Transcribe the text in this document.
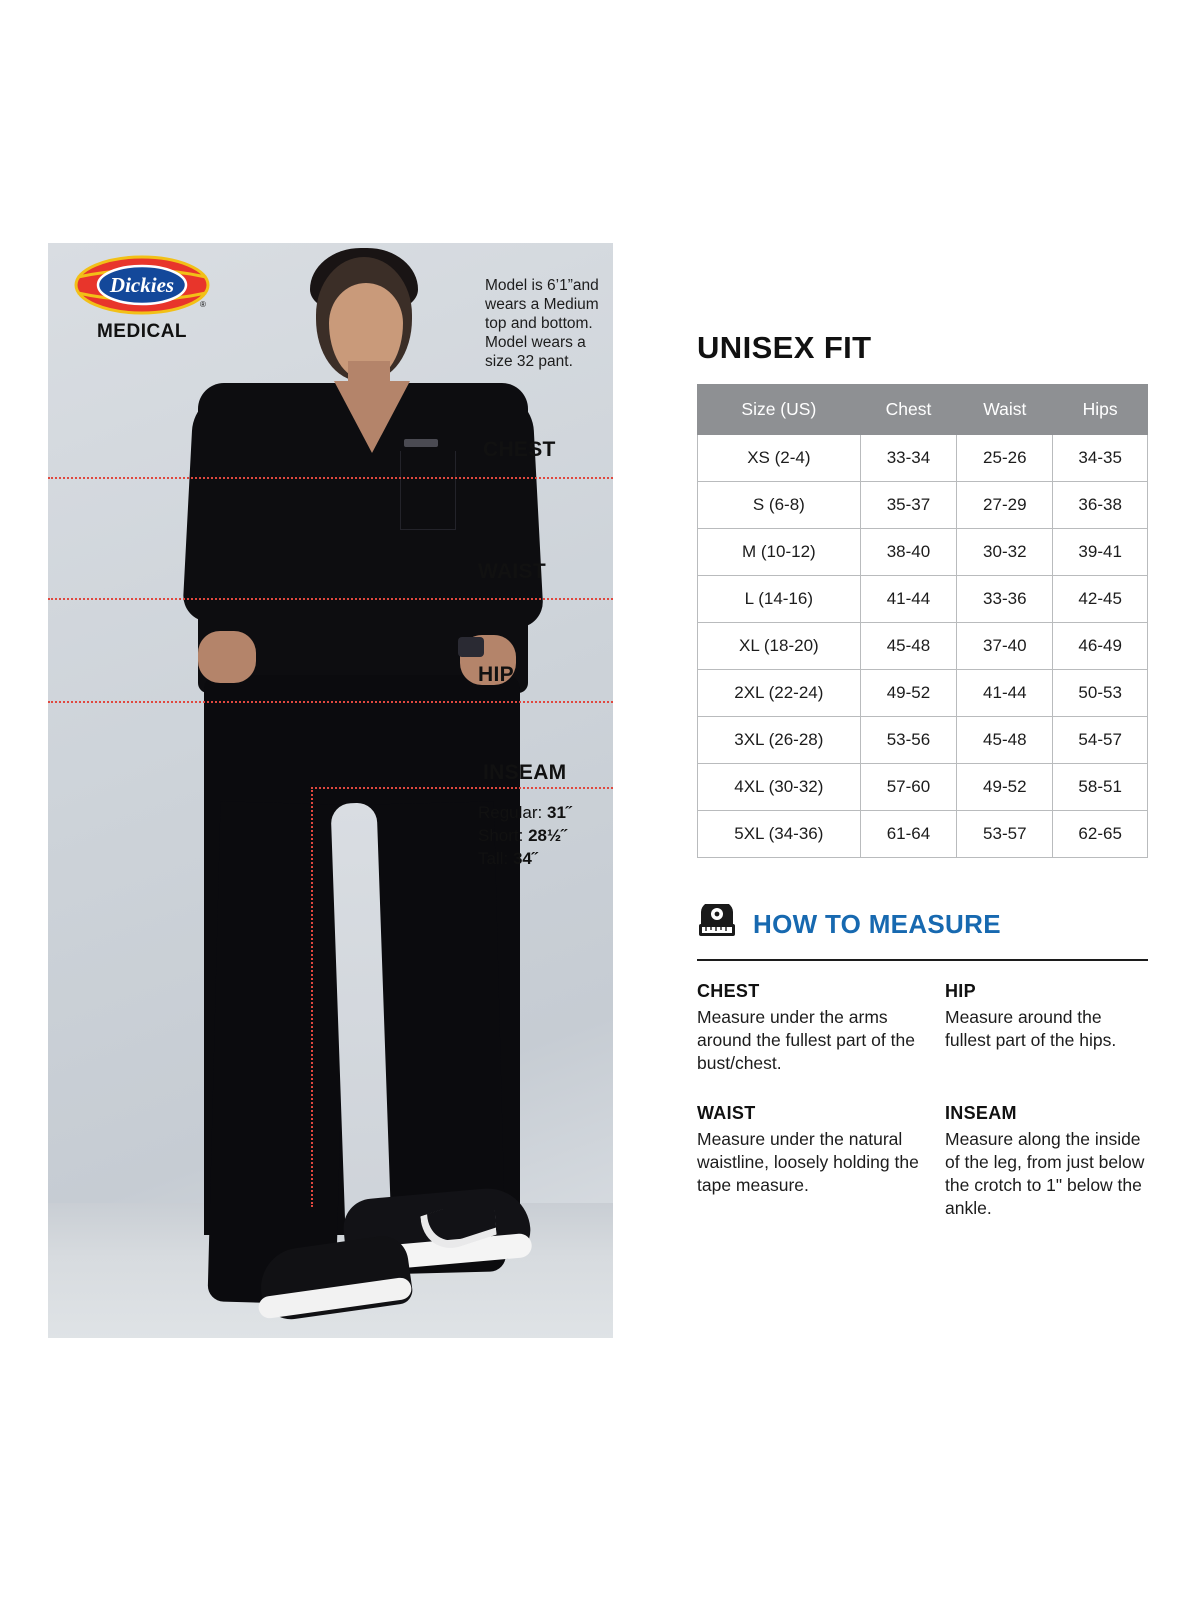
Dickies
®
MEDICAL
Model is 6’1”and wears a Medium top and bottom. Model wears a size 32 pant.
CHEST
WAIST
HIP
INSEAM
Regular: 31˝
Short: 28½˝
Tall: 34˝
UNISEX FIT
Size (US)	Chest	Waist	Hips
XS (2-4)	33-34	25-26	34-35
S (6-8)	35-37	27-29	36-38
M (10-12)	38-40	30-32	39-41
L (14-16)	41-44	33-36	42-45
XL (18-20)	45-48	37-40	46-49
2XL (22-24)	49-52	41-44	50-53
3XL (26-28)	53-56	45-48	54-57
4XL (30-32)	57-60	49-52	58-51
5XL (34-36)	61-64	53-57	62-65
HOW TO MEASURE
CHEST
Measure under the arms around the fullest part of the bust/chest.
HIP
Measure around the fullest part of the hips.
WAIST
Measure under the natural waistline, loosely holding the tape measure.
INSEAM
Measure along the inside of the leg, from just below the crotch to 1" below the ankle.
